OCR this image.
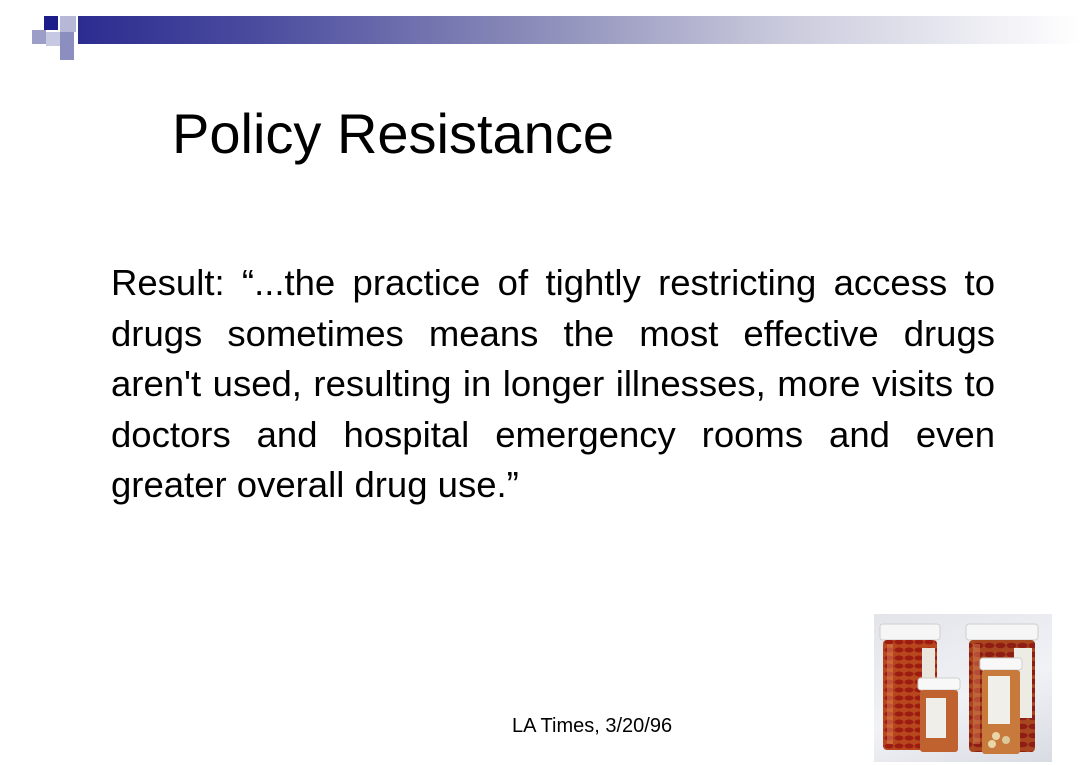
Policy Resistance
Result: “...the practice of tightly restricting access to drugs sometimes means the most effective drugs aren't used, resulting in longer illnesses, more visits to doctors and hospital emergency rooms and even greater overall drug use.”
LA Times, 3/20/96
